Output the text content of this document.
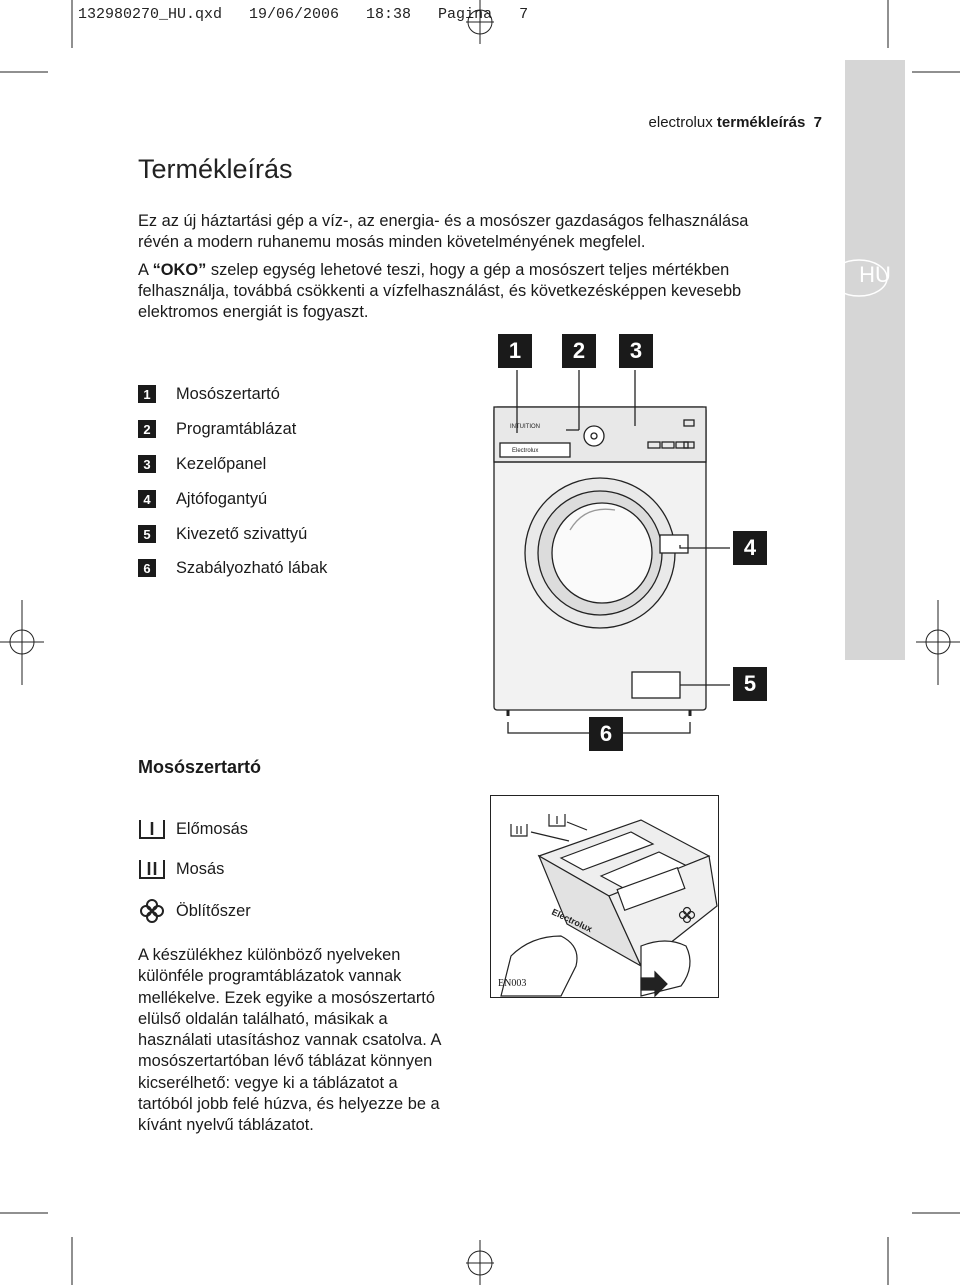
132980270_HU.qxd   19/06/2006   18:38   Pagina   7
electrolux termékleírás 7
HU
Termékleírás
Ez az új háztartási gép a víz-, az energia- és a mosószer gazdaságos felhasználása
révén a modern ruhanemu mosás minden követelményének megfelel.
A “OKO” szelep egység lehetové teszi, hogy a gép a mosószert teljes mértékben
felhasználja, továbbá csökkenti a vízfelhasználást, és következésképpen kevesebb
elektromos energiát is fogyaszt.
1	Mosószertartó
2	Programtáblázat
3	Kezelőpanel
4	Ajtófogantyú
5	Kivezető szivattyú
6	Szabályozható lábak
INTUITION
Electrolux
1	2	3
4
5
6
Mosószertartó
Előmosás
Mosás
Öblítőszer
A készülékhez különböző nyelveken
különféle programtáblázatok vannak
mellékelve. Ezek egyike a mosószertartó
elülső oldalán található, másikak a
használati utasításhoz vannak csatolva. A
mosószertartóban lévő táblázat könnyen
kicserélhető: vegye ki a táblázatot a
tartóból jobb felé húzva, és helyezze be a
kívánt nyelvű táblázatot.
Electrolux
EN003
